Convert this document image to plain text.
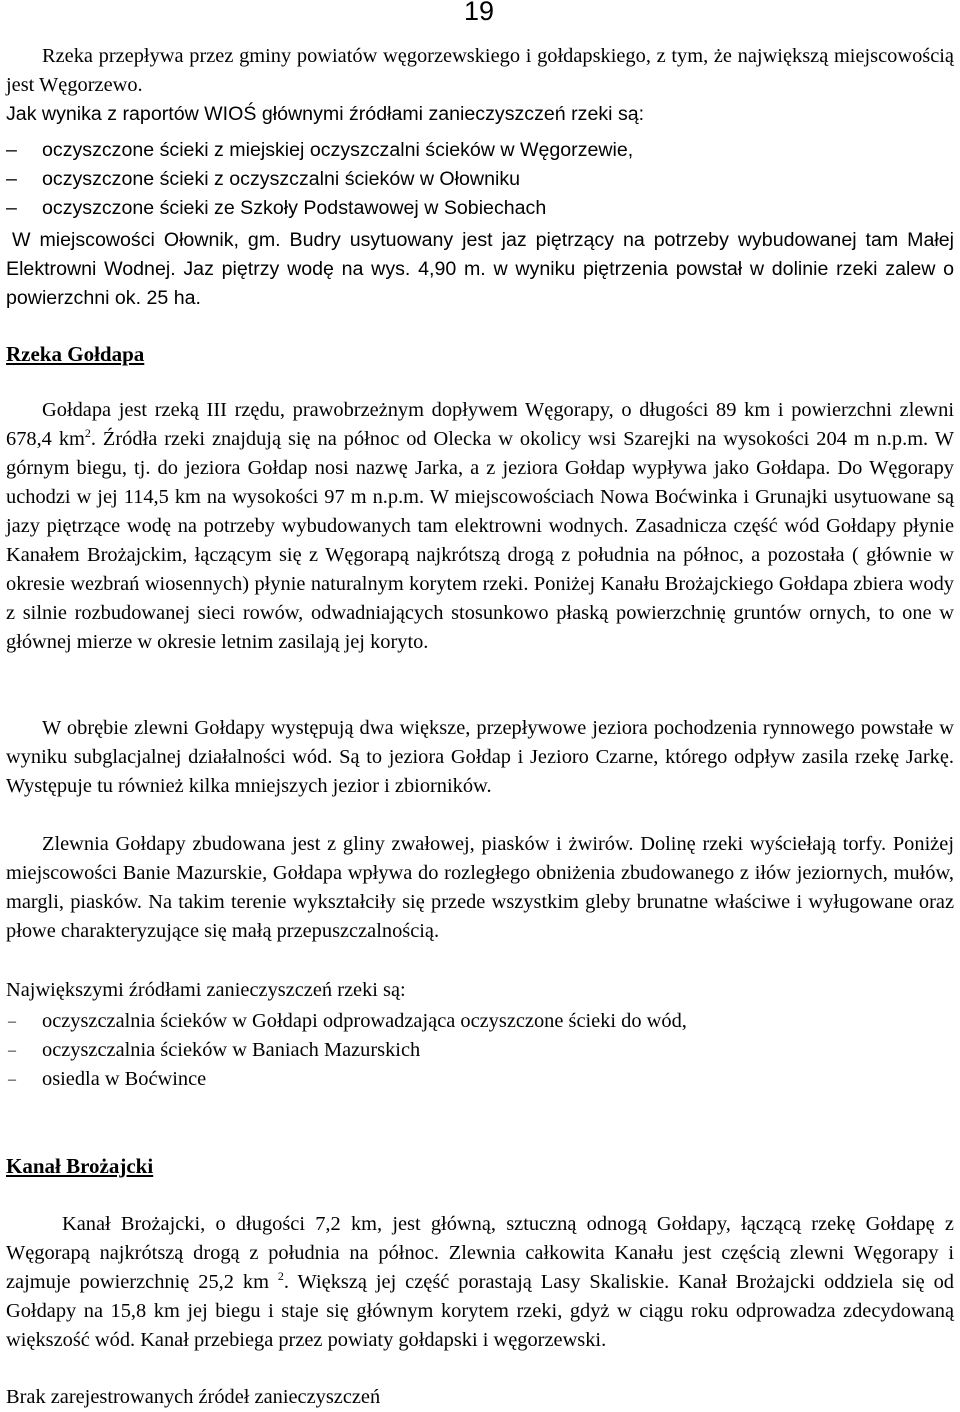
19

Rzeka przepływa przez gminy powiatów węgorzewskiego i gołdapskiego, z tym, że największą miejscowością jest Węgorzewo.

Jak wynika z raportów WIOŚ głównymi źródłami zanieczyszczeń rzeki są:

– oczyszczone ścieki z miejskiej oczyszczalni ścieków w Węgorzewie,
– oczyszczone ścieki z oczyszczalni ścieków w Ołowniku
– oczyszczone ścieki ze Szkoły Podstawowej w Sobiechach

W miejscowości Ołownik, gm. Budry usytuowany jest jaz piętrzący na potrzeby wybudowanej tam Małej Elektrowni Wodnej. Jaz piętrzy wodę na wys. 4,90 m. w wyniku piętrzenia powstał w dolinie rzeki zalew o powierzchni ok. 25 ha.

Rzeka Gołdapa

Gołdapa jest rzeką III rzędu, prawobrzeżnym dopływem Węgorapy, o długości 89 km i powierzchni zlewni 678,4 $km^2$. Źródła rzeki znajdują się na północ od Olecka w okolicy wsi Szarejki na wysokości 204 m n.p.m. W górnym biegu, tj. do jeziora Gołdap nosi nazwę Jarka, a z jeziora Gołdap wypływa jako Gołdapa. Do Węgorapy uchodzi w jej 114,5 km na wysokości 97 m n.p.m. W miejscowościach Nowa Boćwinka i Grunajki usytuowane są jazy piętrzące wodę na potrzeby wybudowanych tam elektrowni wodnych. Zasadnicza część wód Gołdapy płynie Kanałem Brożajckim, łączącym się z Węgorapą najkrótszą drogą z południa na północ, a pozostała ( głównie w okresie wezbrań wiosennych) płynie naturalnym korytem rzeki. Poniżej Kanału Brożajckiego Gołdapa zbiera wody z silnie rozbudowanej sieci rowów, odwadniających stosunkowo płaską powierzchnię gruntów ornych, to one w głównej mierze w okresie letnim zasilają jej koryto.

W obrębie zlewni Gołdapy występują dwa większe, przepływowe jeziora pochodzenia rynnowego powstałe w wyniku subglacjalnej działalności wód. Są to jeziora Gołdap i Jezioro Czarne, którego odpływ zasila rzekę Jarkę. Występuje tu również kilka mniejszych jezior i zbiorników.

Zlewnia Gołdapy zbudowana jest z gliny zwałowej, piasków i żwirów. Dolinę rzeki wyściełają torfy. Poniżej miejscowości Banie Mazurskie, Gołdapa wpływa do rozległego obniżenia zbudowanego z iłów jeziornych, mułów, margli, piasków. Na takim terenie wykształciły się przede wszystkim gleby brunatne właściwe i wyługowane oraz płowe charakteryzujące się małą przepuszczalnością.

Największymi źródłami zanieczyszczeń rzeki są:

– oczyszczalnia ścieków w Gołdapi odprowadzająca oczyszczone ścieki do wód,
– oczyszczalnia ścieków w Baniach Mazurskich
– osiedla w Boćwince
Kanał Brożajcki

Kanał Brożajcki, o długości 7,2 km, jest główną, sztuczną odnogą Gołdapy, łączącą rzekę Gołdapę z Węgorapą najkrótszą drogą z południa na północ. Zlewnia całkowita Kanału jest częścią zlewni Węgorapy i zajmuje powierzchnię 25,2 km $^2$. Większą jej część porastają Lasy Skaliskie. Kanał Brożajcki oddziela się od Gołdapy na 15,8 km jej biegu i staje się głównym korytem rzeki, gdyż w ciągu roku odprowadza zdecydowaną większość wód. Kanał przebiega przez powiaty gołdapski i węgorzewski.

Brak zarejestrowanych źródeł zanieczyszczeń
